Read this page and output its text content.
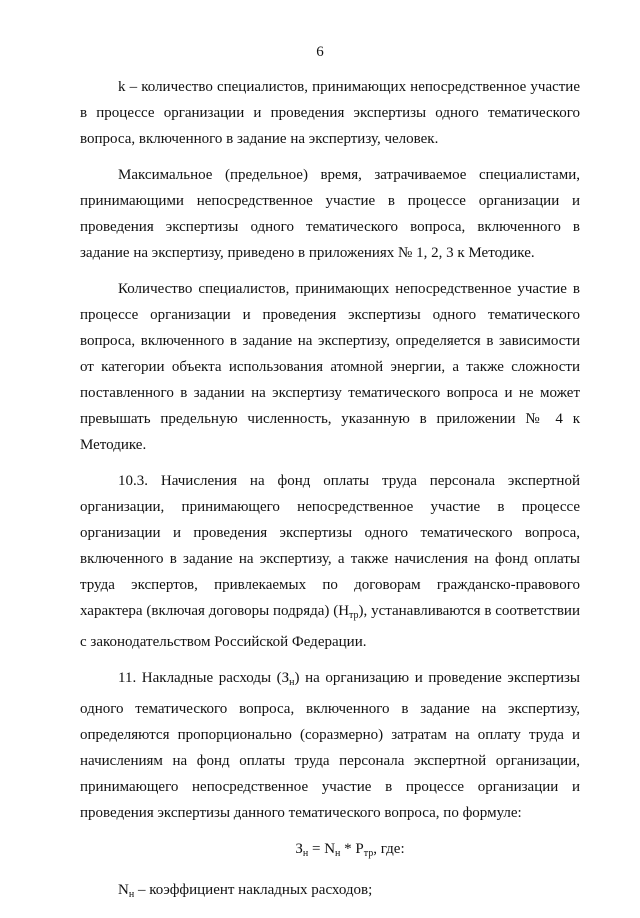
6

k – количество специалистов, принимающих непосредственное участие в процессе организации и проведения экспертизы одного тематического вопроса, включенного в задание на экспертизу, человек.

Максимальное (предельное) время, затрачиваемое специалистами, принимающими непосредственное участие в процессе организации и проведения экспертизы одного тематического вопроса, включенного в задание на экспертизу, приведено в приложениях № 1, 2, 3 к Методике.

Количество специалистов, принимающих непосредственное участие в процессе организации и проведения экспертизы одного тематического вопроса, включенного в задание на экспертизу, определяется в зависимости от категории объекта использования атомной энергии, а также сложности поставленного в задании на экспертизу тематического вопроса и не может превышать предельную численность, указанную в приложении № 4 к Методике.

10.3. Начисления на фонд оплаты труда персонала экспертной организации, принимающего непосредственное участие в процессе организации и проведения экспертизы одного тематического вопроса, включенного в задание на экспертизу, а также начисления на фонд оплаты труда экспертов, привлекаемых по договорам гражданско-правового характера (включая договоры подряда) $(Н_{тр})$, устанавливаются в соответствии с законодательством Российской Федерации.

11. Накладные расходы $(З_н)$ на организацию и проведение экспертизы одного тематического вопроса, включенного в задание на экспертизу, определяются пропорционально (соразмерно) затратам на оплату труда и начислениям на фонд оплаты труда персонала экспертной организации, принимающего непосредственное участие в процессе организации и проведения экспертизы данного тематического вопроса, по формуле:

$З_н = N_н * P_{тр}$, где:

$N_н$ – коэффициент накладных расходов;
